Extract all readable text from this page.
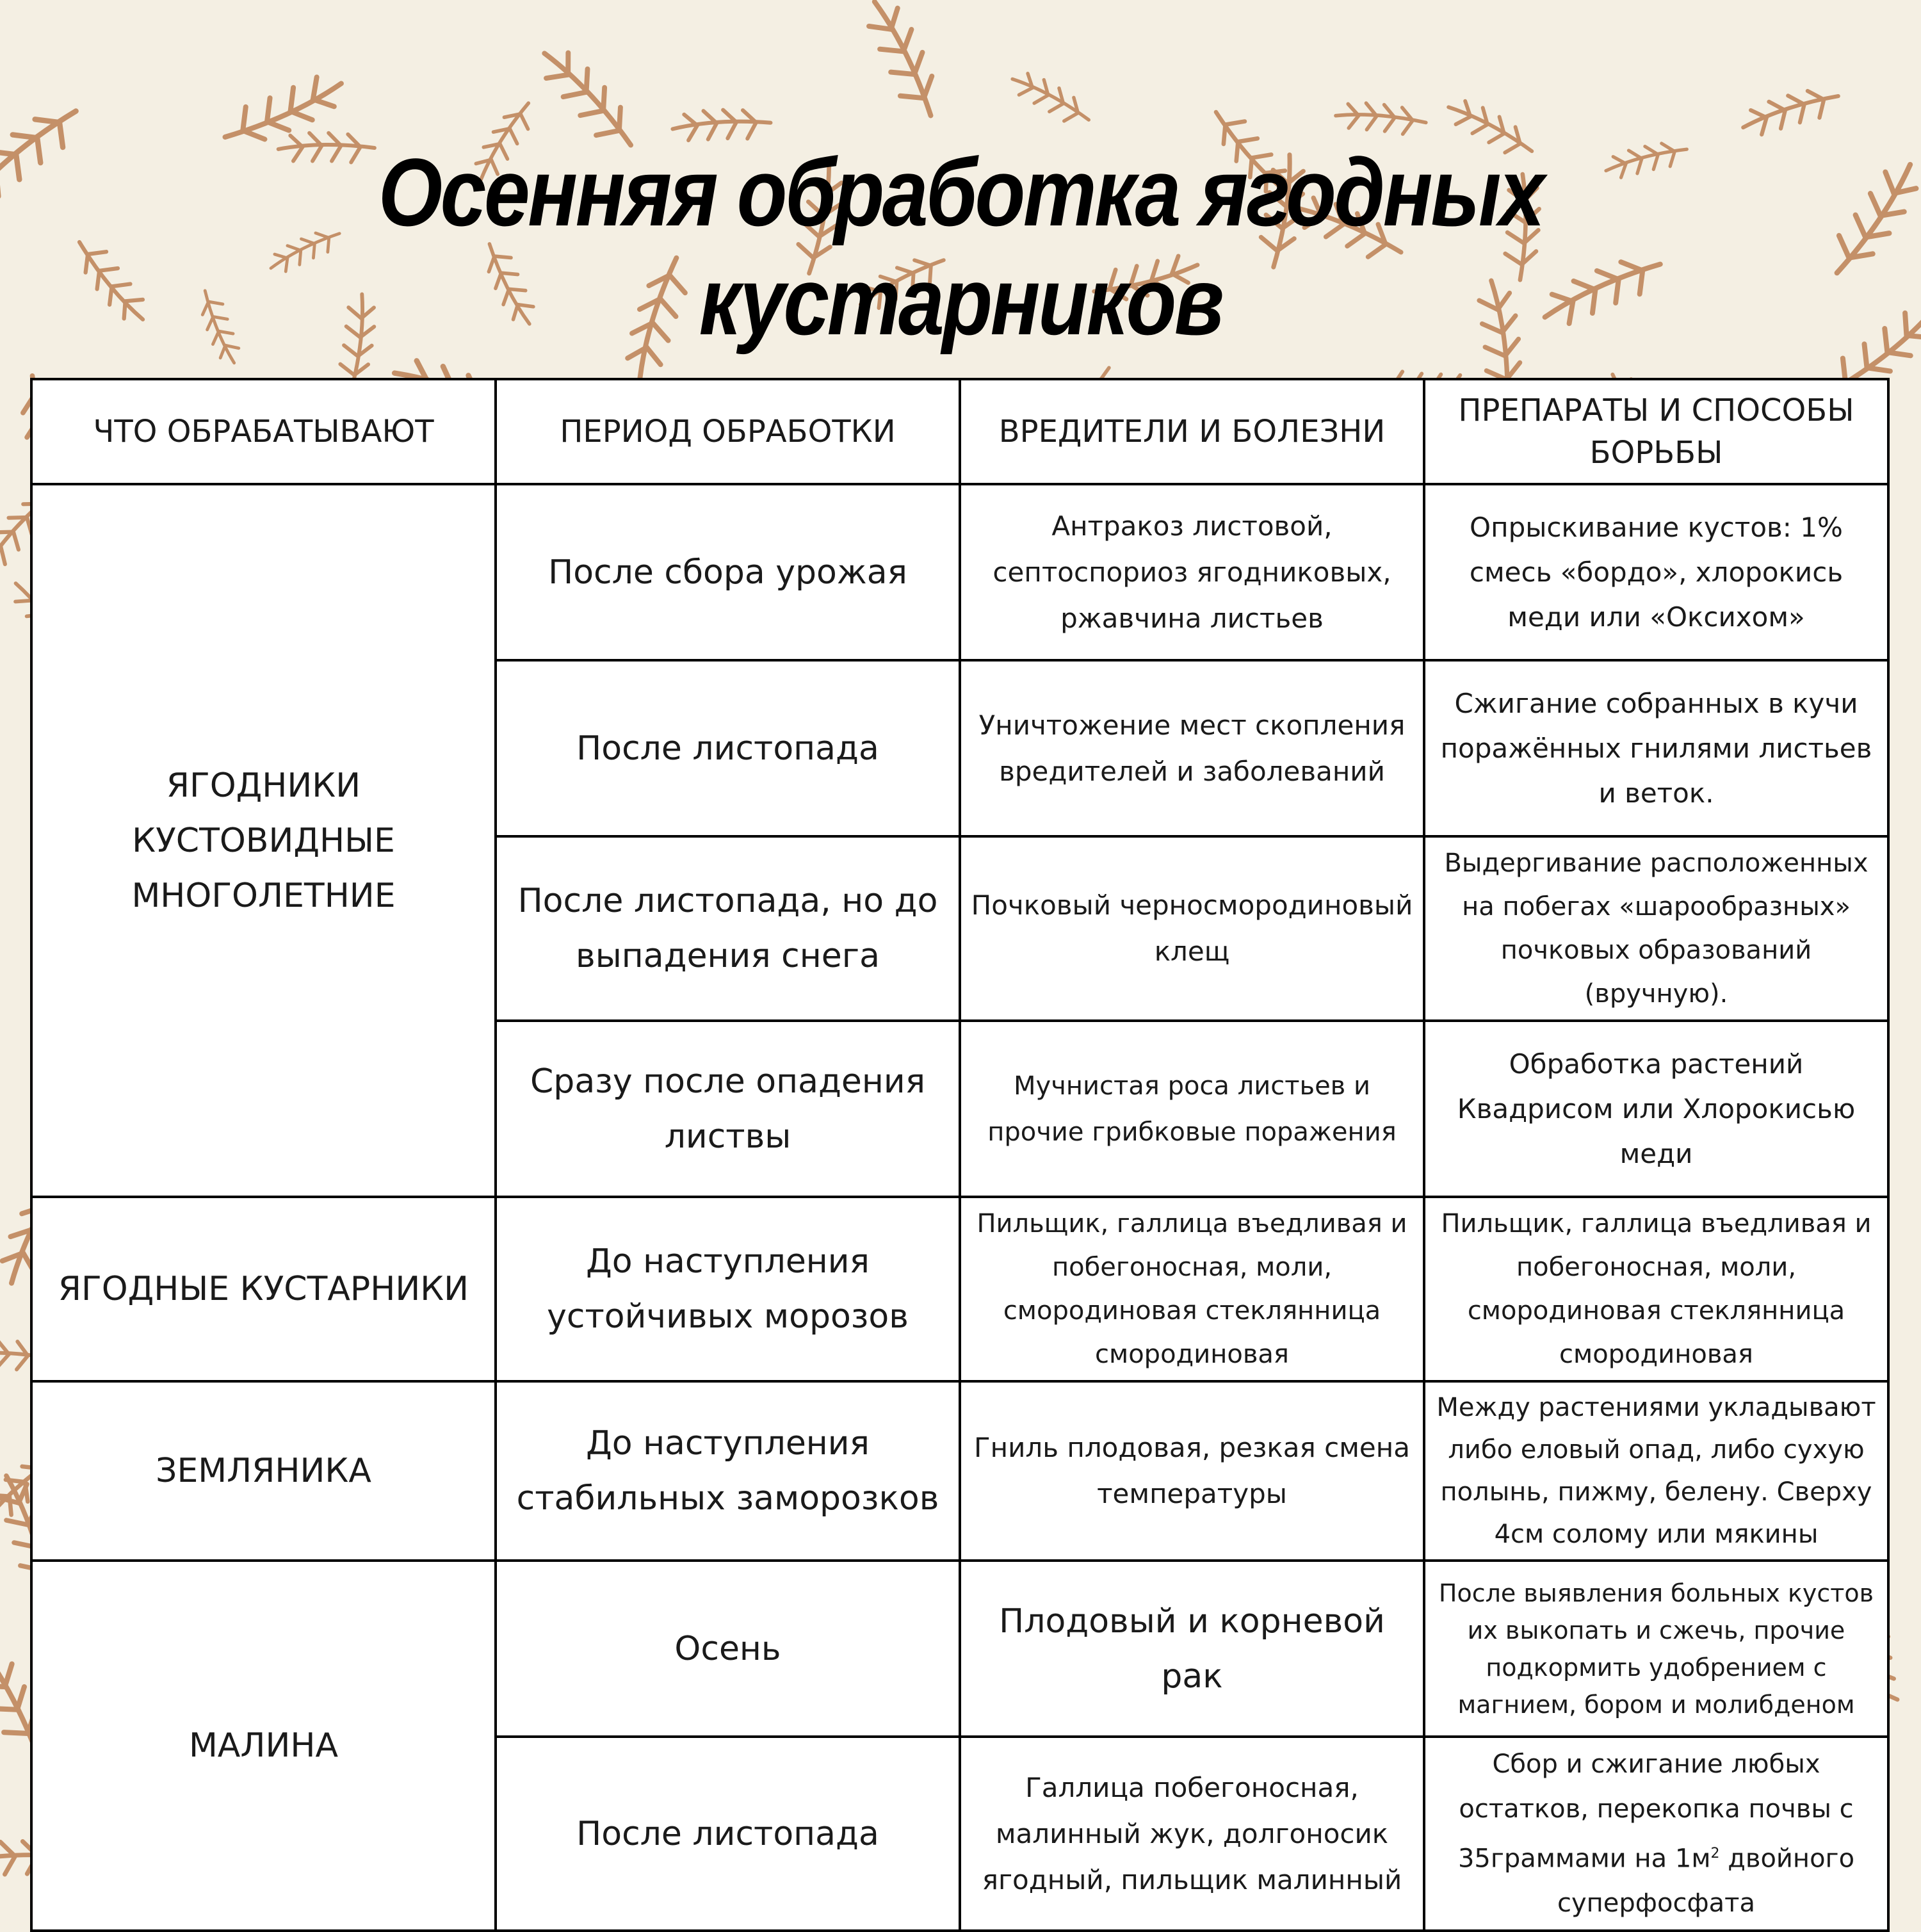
Осенняя обработка ягодных кустарников
ЧТО ОБРАБАТЫВАЮТ	ПЕРИОД ОБРАБОТКИ	ВРЕДИТЕЛИ И БОЛЕЗНИ	ПРЕПАРАТЫ И СПОСОБЫ БОРЬБЫ
ЯГОДНИКИ КУСТОВИДНЫЕ МНОГОЛЕТНИЕ	После сбора урожая	Антракоз листовой, септоспориоз ягодниковых, ржавчина листьев	Опрыскивание кустов: 1% смесь «бордо», хлорокись меди или «Оксихом»
	После листопада	Уничтожение мест скопления вредителей и заболеваний	Сжигание собранных в кучи поражённых гнилями листьев и веток.
	После листопада, но до выпадения снега	Почковый черносмородиновый клещ	Выдергивание расположенных на побегах «шарообразных» почковых образований (вручную).
	Сразу после опадения листвы	Мучнистая роса листьев и прочие грибковые поражения	Обработка растений Квадрисом или Хлорокисью меди
ЯГОДНЫЕ КУСТАРНИКИ	До наступления устойчивых морозов	Пильщик, галлица въедливая и побегоносная, моли, смородиновая стеклянница смородиновая	Пильщик, галлица въедливая и побегоносная, моли, смородиновая стеклянница смородиновая
ЗЕМЛЯНИКА	До наступления стабильных заморозков	Гниль плодовая, резкая смена температуры	Между растениями укладывают либо еловый опад, либо сухую полынь, пижму, белену. Сверху 4см солому или мякины
МАЛИНА	Осень	Плодовый и корневой рак	После выявления больных кустов их выкопать и сжечь, прочие подкормить удобрением с магнием, бором и молибденом
	После листопада	Галлица побегоносная, малинный жук, долгоносик ягодный, пильщик малинный	Сбор и сжигание любых остатков, перекопка почвы с 35граммами на $1м^2$ двойного суперфосфата
